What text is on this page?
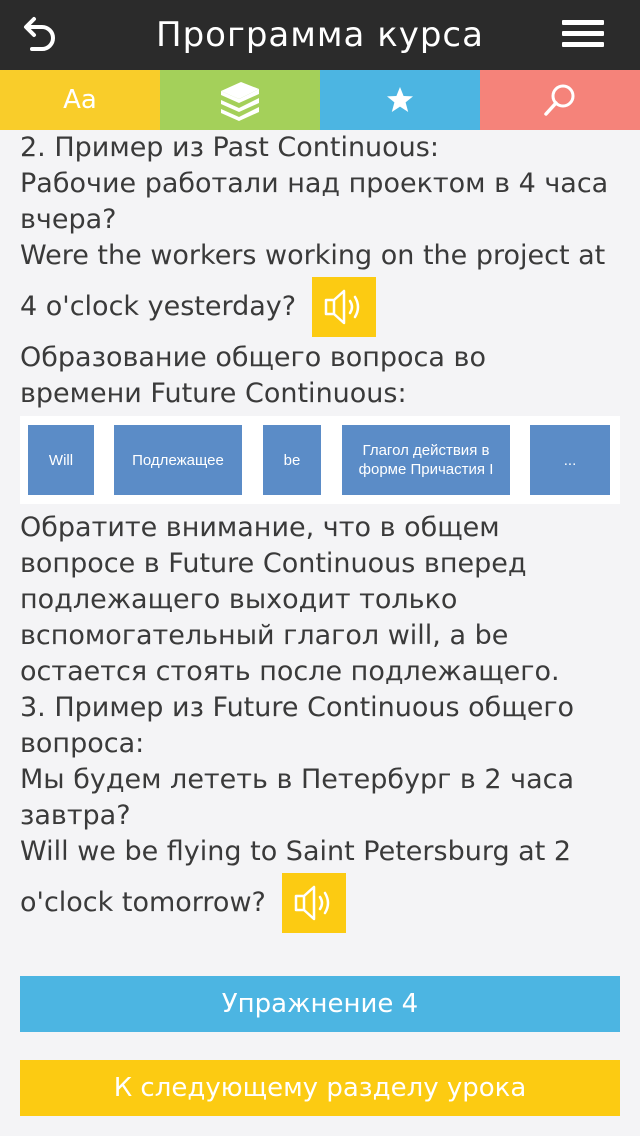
Программа курса
Aa
2. Пример из Past Continuous:
Рабочие работали над проектом в 4 часа
вчера?
Were the workers working on the project at
4 o'clock yesterday?
Образование общего вопроса во
времени Future Continuous:
Will	Подлежащее	be
Глагол действия в форме Причастия I
...
Обратите внимание, что в общем
вопросе в Future Continuous вперед
подлежащего выходит только
вспомогательный глагол will, а be
остается стоять после подлежащего.
3. Пример из Future Continuous общего
вопроса:
Мы будем лететь в Петербург в 2 часа
завтра?
Will we be flying to Saint Petersburg at 2
o'clock tomorrow?
Упражнение 4
К следующему разделу урока
